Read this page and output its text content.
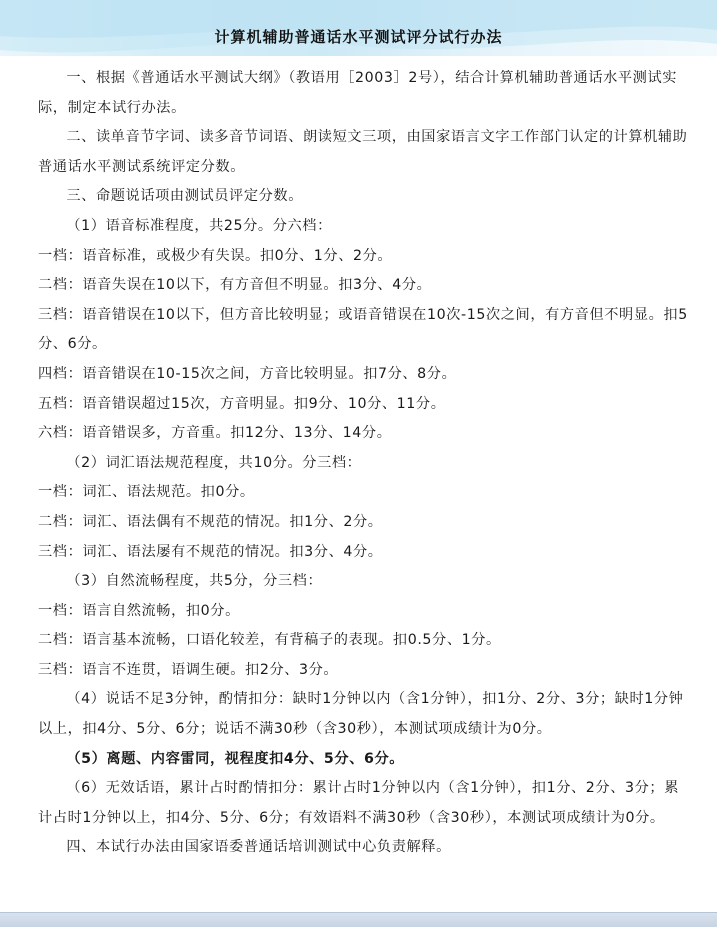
计算机辅助普通话水平测试评分试行办法

一、根据《普通话水平测试大纲》（教语用［2003］2号），结合计算机辅助普通话水平测试实际，制定本试行办法。

二、读单音节字词、读多音节词语、朗读短文三项，由国家语言文字工作部门认定的计算机辅助普通话水平测试系统评定分数。

三、命题说话项由测试员评定分数。

（1）语音标准程度，共25分。分六档：

一档：语音标准，或极少有失误。扣0分、1分、2分。

二档：语音失误在10以下，有方音但不明显。扣3分、4分。

三档：语音错误在10以下，但方音比较明显；或语音错误在10次-15次之间，有方音但不明显。扣5分、6分。

四档：语音错误在10-15次之间，方音比较明显。扣7分、8分。

五档：语音错误超过15次，方音明显。扣9分、10分、11分。

六档：语音错误多，方音重。扣12分、13分、14分。

（2）词汇语法规范程度，共10分。分三档：

一档：词汇、语法规范。扣0分。

二档：词汇、语法偶有不规范的情况。扣1分、2分。

三档：词汇、语法屡有不规范的情况。扣3分、4分。

（3）自然流畅程度，共5分，分三档：

一档：语言自然流畅，扣0分。

二档：语言基本流畅，口语化较差，有背稿子的表现。扣0.5分、1分。

三档：语言不连贯，语调生硬。扣2分、3分。

（4）说话不足3分钟，酌情扣分：缺时1分钟以内（含1分钟），扣1分、2分、3分；缺时1分钟以上，扣4分、5分、6分；说话不满30秒（含30秒），本测试项成绩计为0分。

（5）离题、内容雷同，视程度扣4分、5分、6分。

（6）无效话语，累计占时酌情扣分：累计占时1分钟以内（含1分钟），扣1分、2分、3分；累计占时1分钟以上，扣4分、5分、6分；有效语料不满30秒（含30秒），本测试项成绩计为0分。

四、本试行办法由国家语委普通话培训测试中心负责解释。
